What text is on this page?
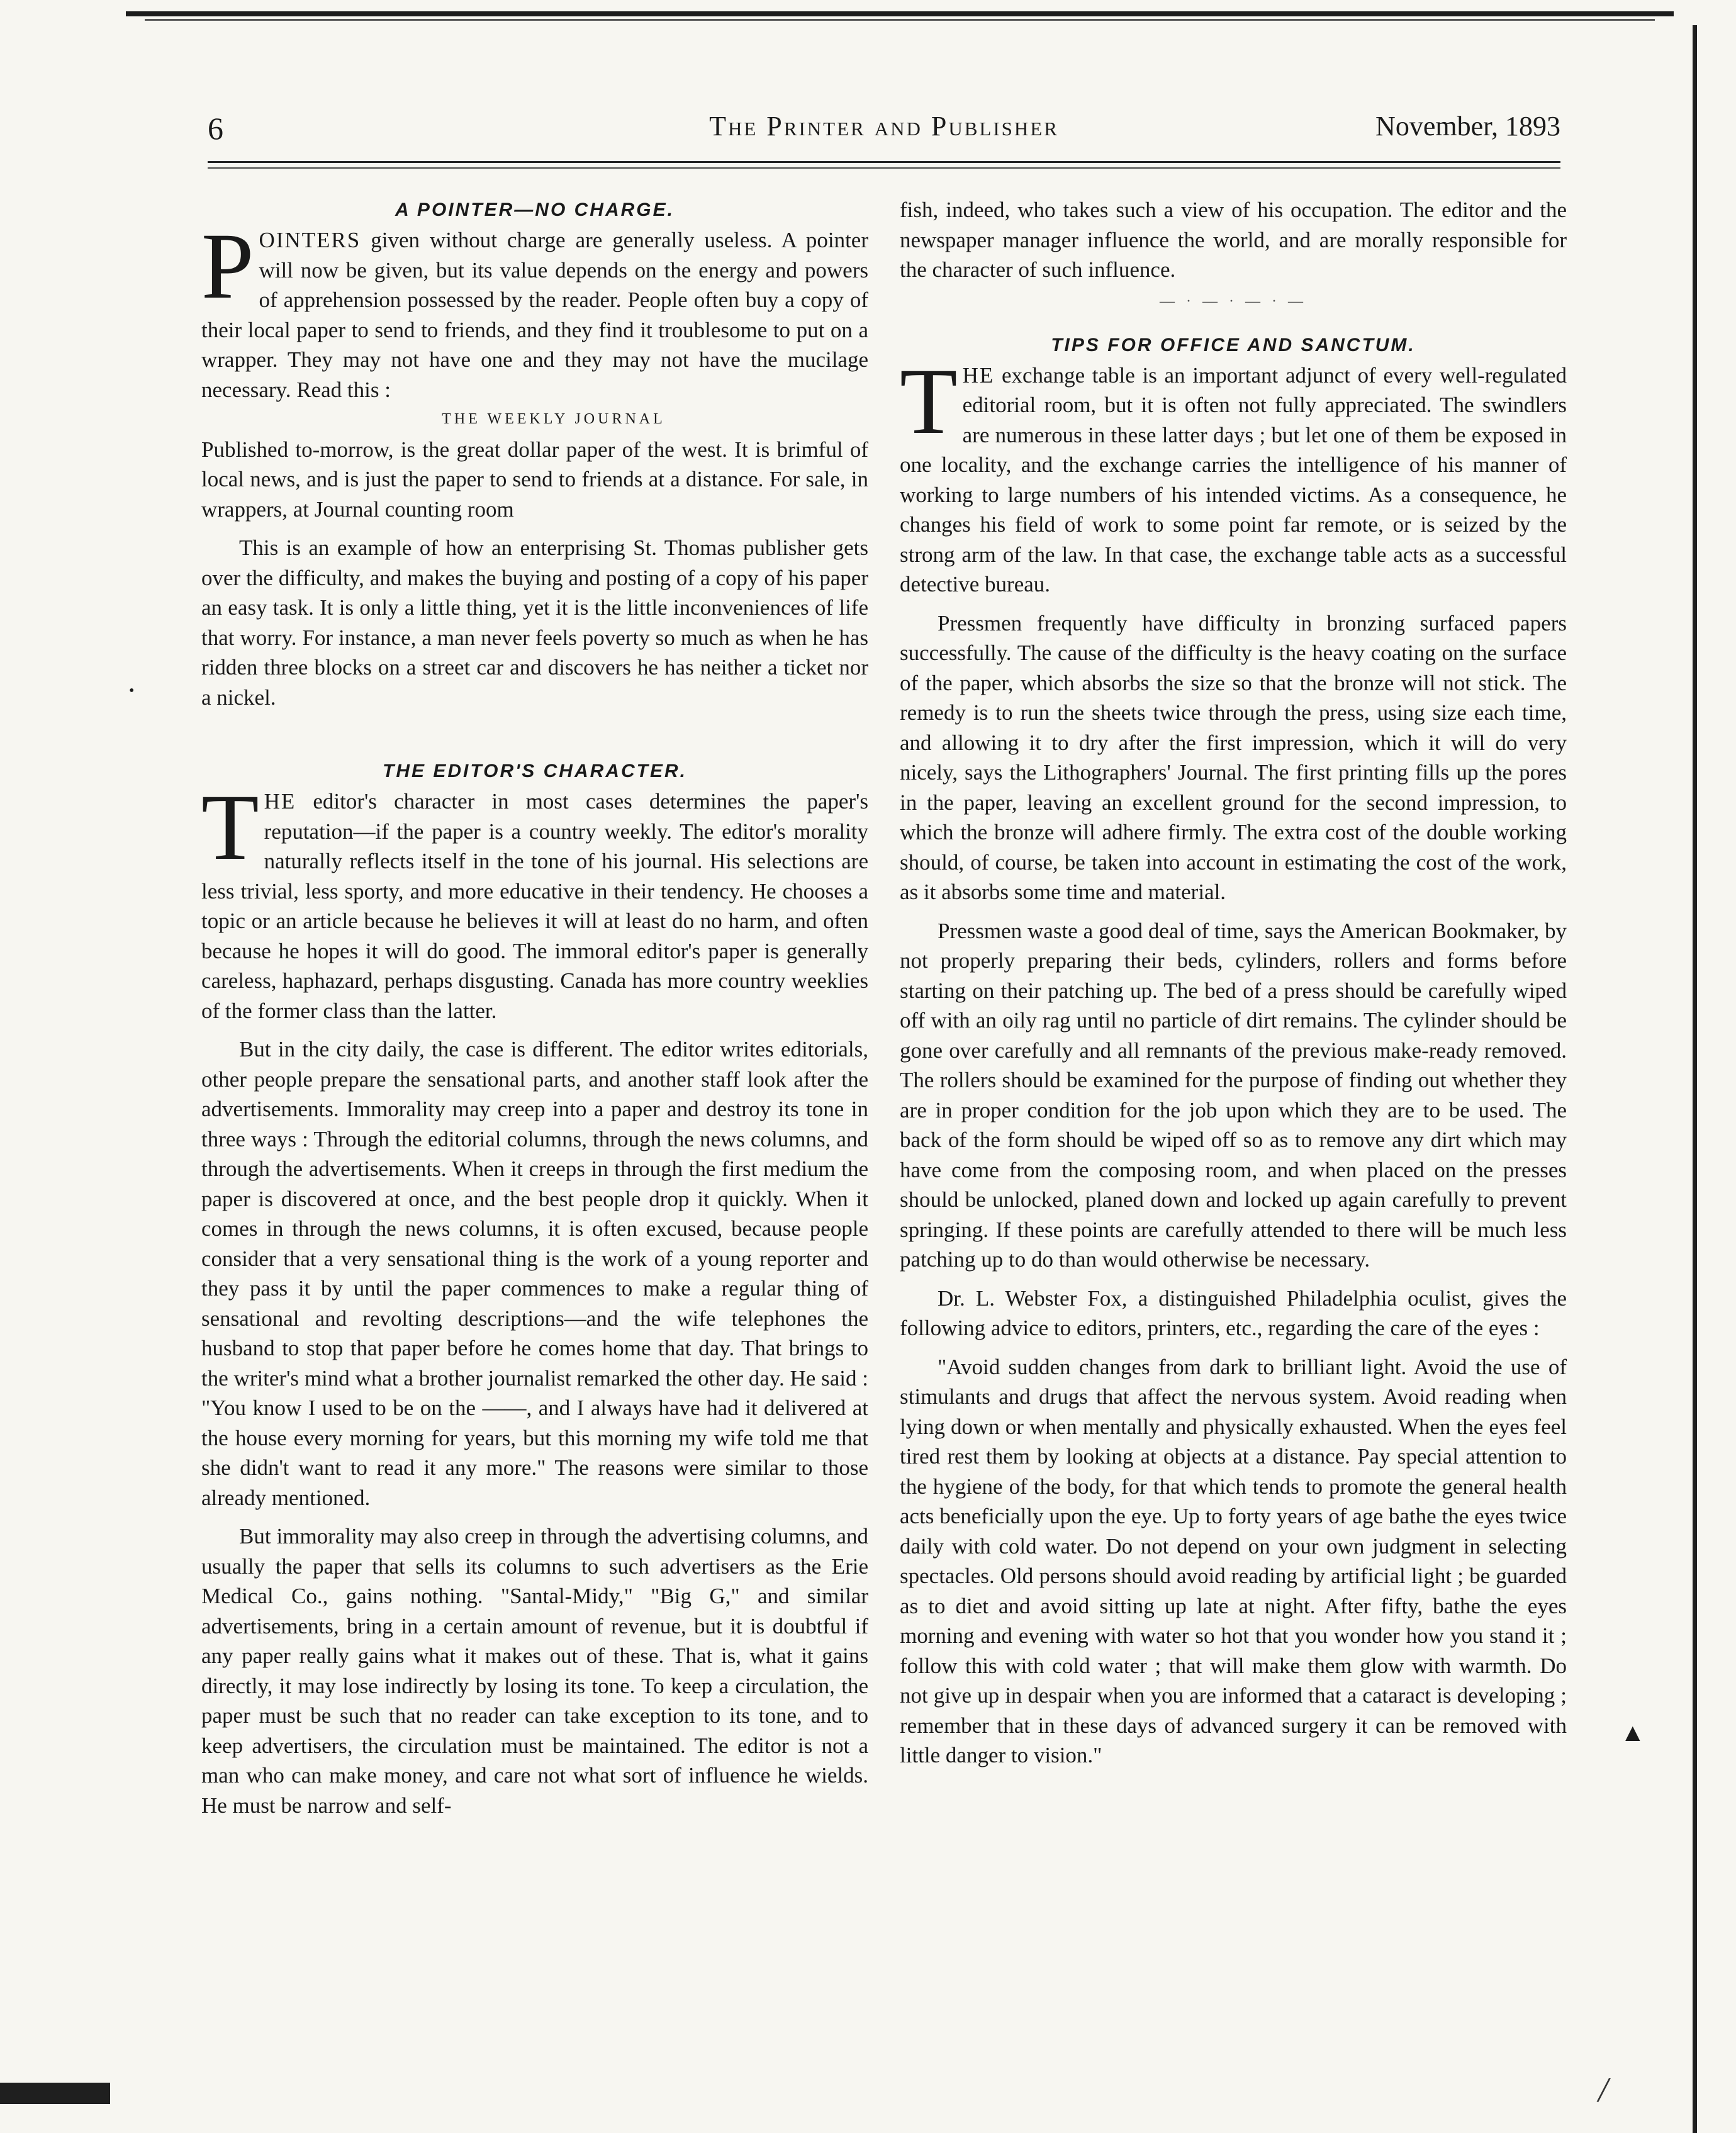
•
▲
/
6	The Printer and Publisher	November, 1893
A POINTER—NO CHARGE.

POINTERS given without charge are generally useless. A pointer will now be given, but its value depends on the energy and powers of apprehension possessed by the reader. People often buy a copy of their local paper to send to friends, and they find it troublesome to put on a wrapper. They may not have one and they may not have the mucilage necessary. Read this :

THE WEEKLY JOURNAL

Published to-morrow, is the great dollar paper of the west. It is brimful of local news, and is just the paper to send to friends at a distance. For sale, in wrappers, at Journal counting room

This is an example of how an enterprising St. Thomas publisher gets over the difficulty, and makes the buying and posting of a copy of his paper an easy task. It is only a little thing, yet it is the little inconveniences of life that worry. For instance, a man never feels poverty so much as when he has ridden three blocks on a street car and discovers he has neither a ticket nor a nickel.

THE EDITOR'S CHARACTER.

THE editor's character in most cases determines the paper's reputation—if the paper is a country weekly. The editor's morality naturally reflects itself in the tone of his journal. His selections are less trivial, less sporty, and more educative in their tendency. He chooses a topic or an article because he believes it will at least do no harm, and often because he hopes it will do good. The immoral editor's paper is generally careless, haphazard, perhaps disgusting. Canada has more country weeklies of the former class than the latter.

But in the city daily, the case is different. The editor writes editorials, other people prepare the sensational parts, and another staff look after the advertisements. Immorality may creep into a paper and destroy its tone in three ways : Through the editorial columns, through the news columns, and through the advertisements. When it creeps in through the first medium the paper is discovered at once, and the best people drop it quickly. When it comes in through the news columns, it is often excused, because people consider that a very sensational thing is the work of a young reporter and they pass it by until the paper commences to make a regular thing of sensational and revolting descriptions—and the wife telephones the husband to stop that paper before he comes home that day. That brings to the writer's mind what a brother journalist remarked the other day. He said : "You know I used to be on the ——, and I always have had it delivered at the house every morning for years, but this morning my wife told me that she didn't want to read it any more." The reasons were similar to those already mentioned.

But immorality may also creep in through the advertising columns, and usually the paper that sells its columns to such advertisers as the Erie Medical Co., gains nothing. "Santal-Midy," "Big G," and similar advertisements, bring in a certain amount of revenue, but it is doubtful if any paper really gains what it makes out of these. That is, what it gains directly, it may lose indirectly by losing its tone. To keep a circulation, the paper must be such that no reader can take exception to its tone, and to keep advertisers, the circulation must be maintained. The editor is not a man who can make money, and care not what sort of influence he wields. He must be narrow and self-

fish, indeed, who takes such a view of his occupation. The editor and the newspaper manager influence the world, and are morally responsible for the character of such influence.

— · — · — · —
TIPS FOR OFFICE AND SANCTUM.

THE exchange table is an important adjunct of every well-regulated editorial room, but it is often not fully appreciated. The swindlers are numerous in these latter days ; but let one of them be exposed in one locality, and the exchange carries the intelligence of his manner of working to large numbers of his intended victims. As a consequence, he changes his field of work to some point far remote, or is seized by the strong arm of the law. In that case, the exchange table acts as a successful detective bureau.

Pressmen frequently have difficulty in bronzing surfaced papers successfully. The cause of the difficulty is the heavy coating on the surface of the paper, which absorbs the size so that the bronze will not stick. The remedy is to run the sheets twice through the press, using size each time, and allowing it to dry after the first impression, which it will do very nicely, says the Lithographers' Journal. The first printing fills up the pores in the paper, leaving an excellent ground for the second impression, to which the bronze will adhere firmly. The extra cost of the double working should, of course, be taken into account in estimating the cost of the work, as it absorbs some time and material.

Pressmen waste a good deal of time, says the American Bookmaker, by not properly preparing their beds, cylinders, rollers and forms before starting on their patching up. The bed of a press should be carefully wiped off with an oily rag until no particle of dirt remains. The cylinder should be gone over carefully and all remnants of the previous make-ready removed. The rollers should be examined for the purpose of finding out whether they are in proper condition for the job upon which they are to be used. The back of the form should be wiped off so as to remove any dirt which may have come from the composing room, and when placed on the presses should be unlocked, planed down and locked up again carefully to prevent springing. If these points are carefully attended to there will be much less patching up to do than would otherwise be necessary.

Dr. L. Webster Fox, a distinguished Philadelphia oculist, gives the following advice to editors, printers, etc., regarding the care of the eyes :

"Avoid sudden changes from dark to brilliant light. Avoid the use of stimulants and drugs that affect the nervous system. Avoid reading when lying down or when mentally and physically exhausted. When the eyes feel tired rest them by looking at objects at a distance. Pay special attention to the hygiene of the body, for that which tends to promote the general health acts beneficially upon the eye. Up to forty years of age bathe the eyes twice daily with cold water. Do not depend on your own judgment in selecting spectacles. Old persons should avoid reading by artificial light ; be guarded as to diet and avoid sitting up late at night. After fifty, bathe the eyes morning and evening with water so hot that you wonder how you stand it ; follow this with cold water ; that will make them glow with warmth. Do not give up in despair when you are informed that a cataract is developing ; remember that in these days of advanced surgery it can be removed with little danger to vision."
